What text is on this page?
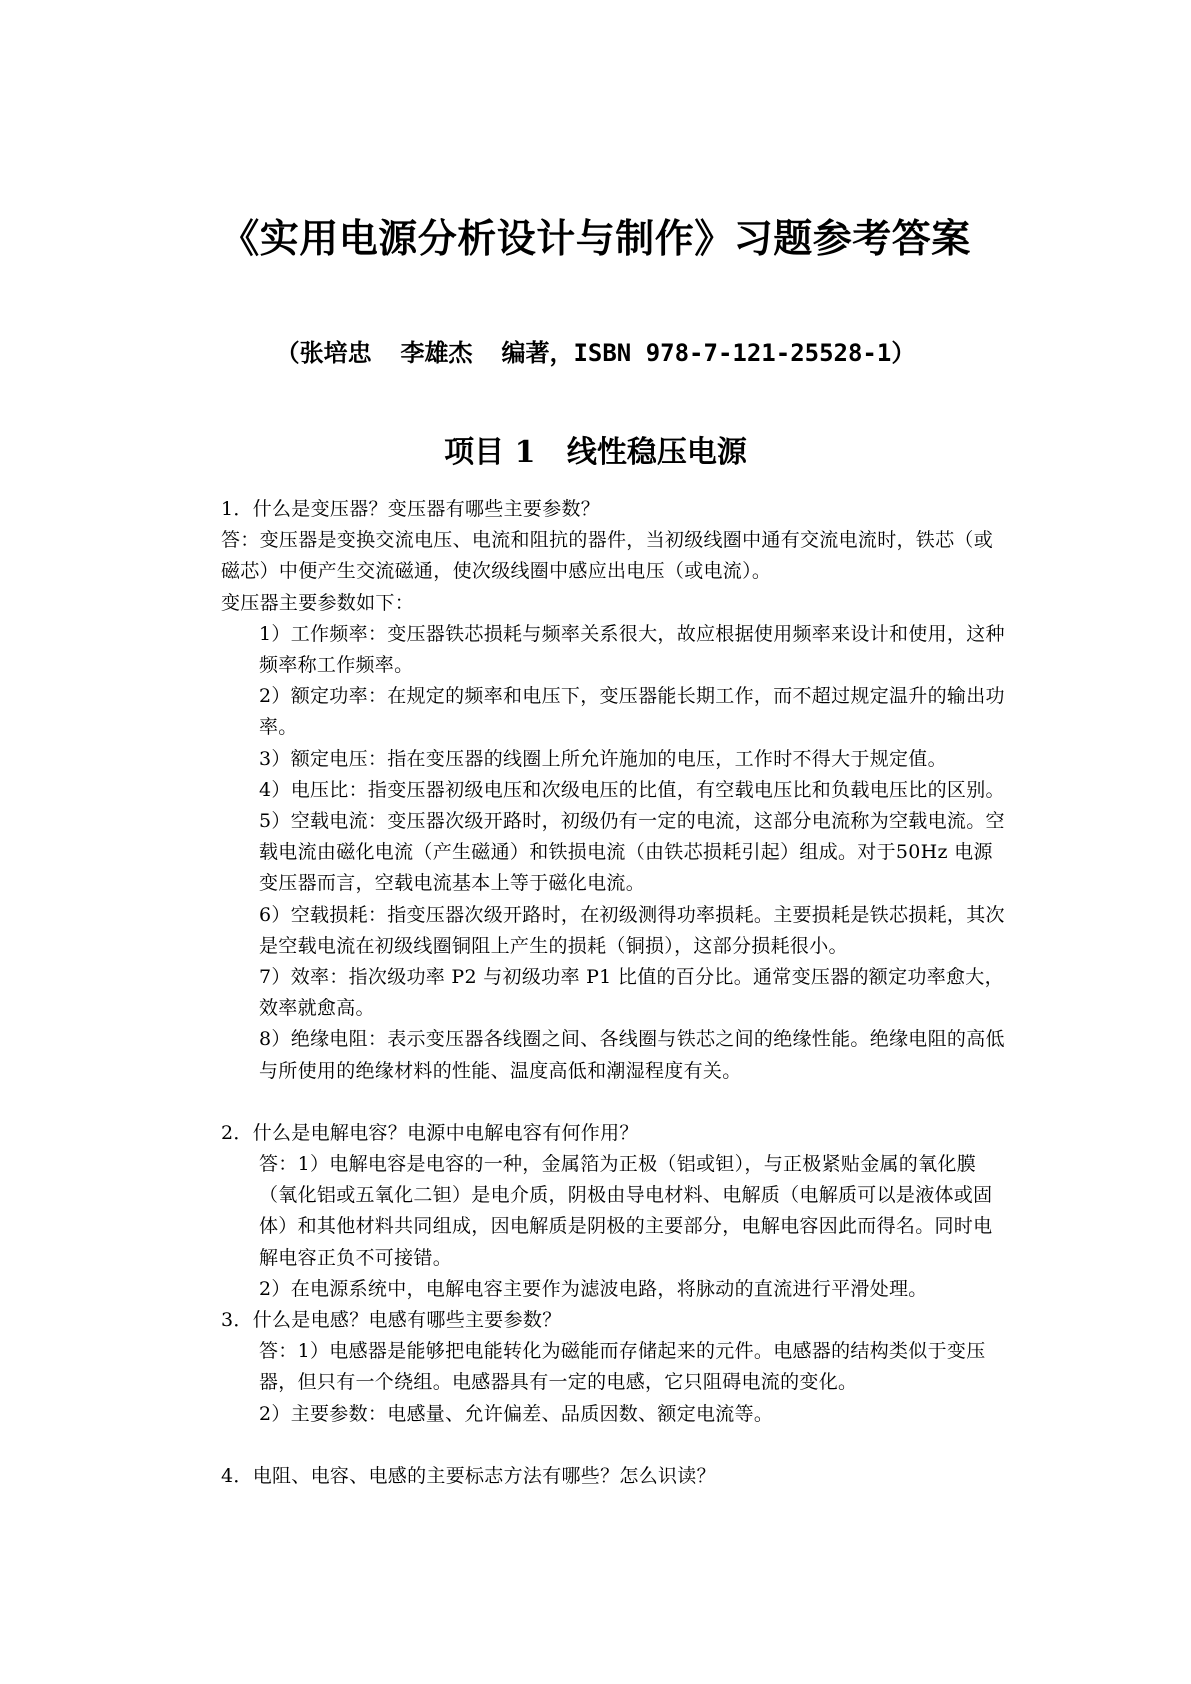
《实用电源分析设计与制作》习题参考答案
（张培忠  李雄杰  编著，ISBN 978-7-121-25528-1）
项目 1   线性稳压电源

1．什么是变压器？变压器有哪些主要参数？

答：变压器是变换交流电压、电流和阻抗的器件，当初级线圈中通有交流电流时，铁芯（或磁芯）中便产生交流磁通，使次级线圈中感应出电压（或电流）。

变压器主要参数如下：

1）工作频率：变压器铁芯损耗与频率关系很大，故应根据使用频率来设计和使用，这种频率称工作频率。

2）额定功率：在规定的频率和电压下，变压器能长期工作，而不超过规定温升的输出功率。

3）额定电压：指在变压器的线圈上所允许施加的电压，工作时不得大于规定值。

4）电压比：指变压器初级电压和次级电压的比值，有空载电压比和负载电压比的区别。

5）空载电流：变压器次级开路时，初级仍有一定的电流，这部分电流称为空载电流。空载电流由磁化电流（产生磁通）和铁损电流（由铁芯损耗引起）组成。对于50Hz 电源变压器而言，空载电流基本上等于磁化电流。

6）空载损耗：指变压器次级开路时，在初级测得功率损耗。主要损耗是铁芯损耗，其次是空载电流在初级线圈铜阻上产生的损耗（铜损），这部分损耗很小。

7）效率：指次级功率 P2 与初级功率 P1 比值的百分比。通常变压器的额定功率愈大，效率就愈高。

8）绝缘电阻：表示变压器各线圈之间、各线圈与铁芯之间的绝缘性能。绝缘电阻的高低与所使用的绝缘材料的性能、温度高低和潮湿程度有关。

2．什么是电解电容？电源中电解电容有何作用？

答：1）电解电容是电容的一种，金属箔为正极（铝或钽），与正极紧贴金属的氧化膜（氧化铝或五氧化二钽）是电介质，阴极由导电材料、电解质（电解质可以是液体或固体）和其他材料共同组成，因电解质是阴极的主要部分，电解电容因此而得名。同时电解电容正负不可接错。

2）在电源系统中，电解电容主要作为滤波电路，将脉动的直流进行平滑处理。

3．什么是电感？电感有哪些主要参数？

答：1）电感器是能够把电能转化为磁能而存储起来的元件。电感器的结构类似于变压器，但只有一个绕组。电感器具有一定的电感，它只阻碍电流的变化。

2）主要参数：电感量、允许偏差、品质因数、额定电流等。

4．电阻、电容、电感的主要标志方法有哪些？怎么识读？
